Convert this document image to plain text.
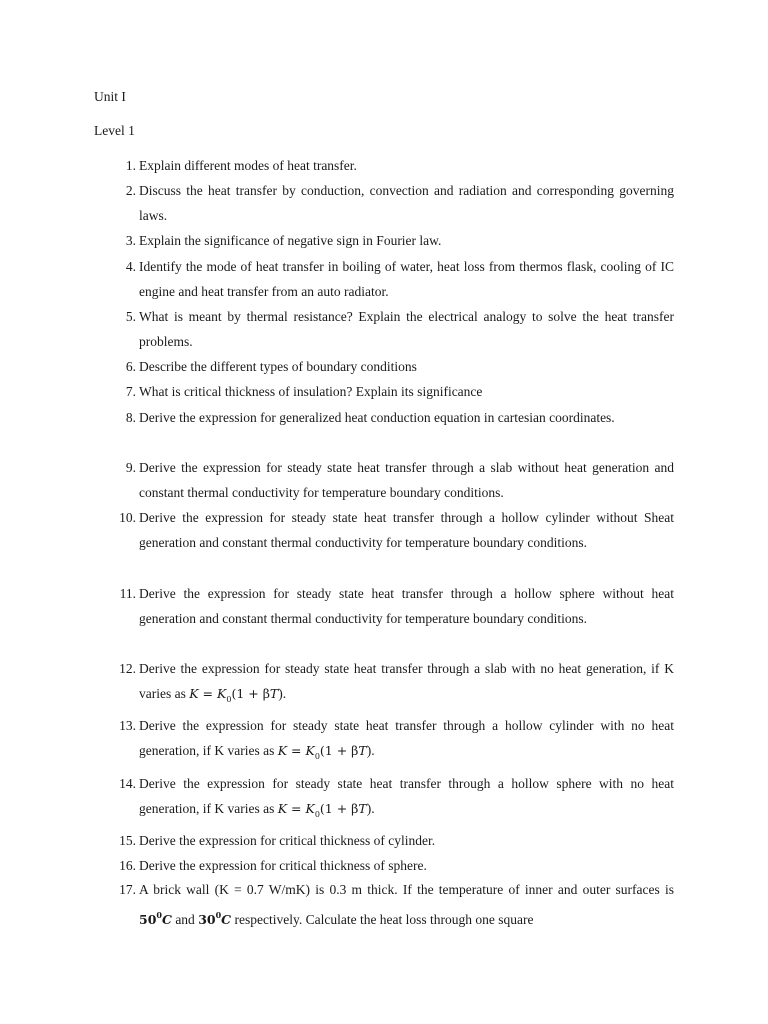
Unit I

Level 1

1. Explain different modes of heat transfer.
2. Discuss the heat transfer by conduction, convection and radiation and corresponding governing laws.
3. Explain the significance of negative sign in Fourier law.
4. Identify the mode of heat transfer in boiling of water, heat loss from thermos flask, cooling of IC engine and heat transfer from an auto radiator.
5. What is meant by thermal resistance? Explain the electrical analogy to solve the heat transfer problems.
6. Describe the different types of boundary conditions
7. What is critical thickness of insulation? Explain its significance
8. Derive the expression for generalized heat conduction equation in cartesian coordinates.
9. Derive the expression for steady state heat transfer through a slab without heat generation and constant thermal conductivity for temperature boundary conditions.
10. Derive the expression for steady state heat transfer through a hollow cylinder without Sheat generation and constant thermal conductivity for temperature boundary conditions.
11. Derive the expression for steady state heat transfer through a hollow sphere without heat generation and constant thermal conductivity for temperature boundary conditions.
12. Derive the expression for steady state heat transfer through a slab with no heat generation, if K varies as $K = K_0(1 + \beta T)$.
13. Derive the expression for steady state heat transfer through a hollow cylinder with no heat generation, if K varies as $K = K_0(1 + \beta T)$.
14. Derive the expression for steady state heat transfer through a hollow sphere with no heat generation, if K varies as $K = K_0(1 + \beta T)$.
15. Derive the expression for critical thickness of cylinder.
16. Derive the expression for critical thickness of sphere.
17. A brick wall (K = 0.7 W/mK) is 0.3 m thick. If the temperature of inner and outer surfaces is $50^0C$ and $30^0C$ respectively. Calculate the heat loss through one square
